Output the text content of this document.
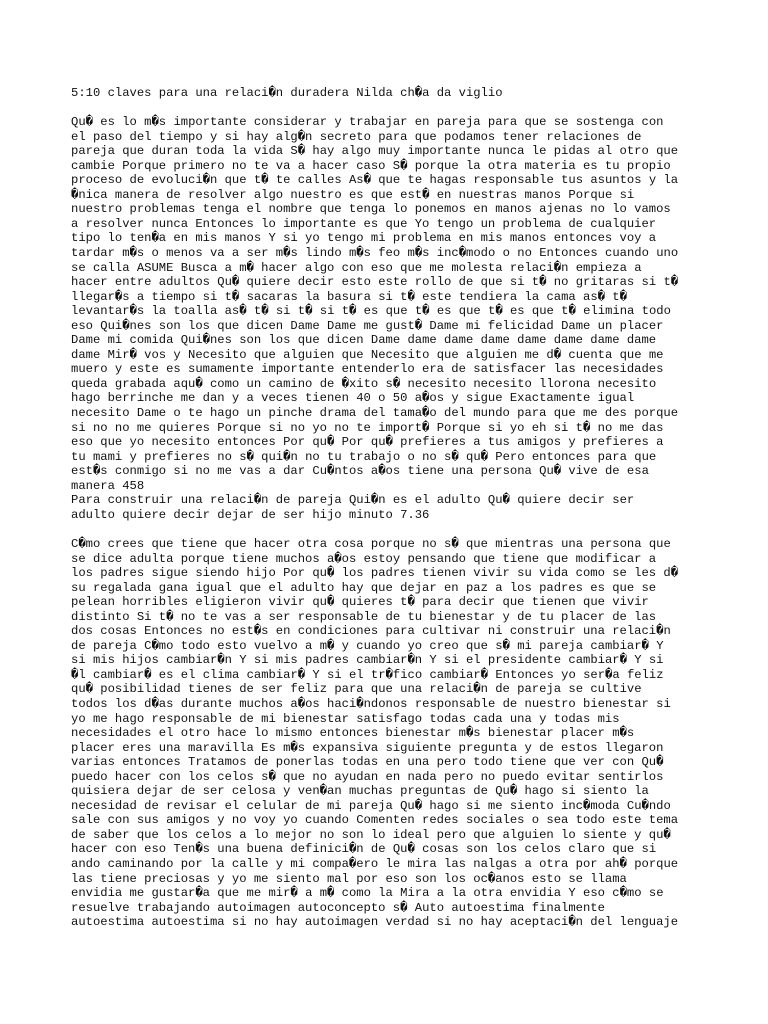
5:10 claves para una relaci�n duradera Nilda ch�a da viglio
Qu� es lo m�s importante considerar y trabajar en pareja para que se sostenga con
el paso del tiempo y si hay alg�n secreto para que podamos tener relaciones de
pareja que duran toda la vida S� hay algo muy importante nunca le pidas al otro que
cambie Porque primero no te va a hacer caso S� porque la otra materia es tu propio
proceso de evoluci�n que t� te calles As� que te hagas responsable tus asuntos y la
�nica manera de resolver algo nuestro es que est� en nuestras manos Porque si
nuestro problemas tenga el nombre que tenga lo ponemos en manos ajenas no lo vamos
a resolver nunca Entonces lo importante es que Yo tengo un problema de cualquier
tipo lo ten�a en mis manos Y si yo tengo mi problema en mis manos entonces voy a
tardar m�s o menos va a ser m�s lindo m�s feo m�s inc�modo o no Entonces cuando uno
se calla ASUME Busca a m� hacer algo con eso que me molesta relaci�n empieza a
hacer entre adultos Qu� quiere decir esto este rollo de que si t� no gritaras si t�
llegar�s a tiempo si t� sacaras la basura si t� este tendiera la cama as� t�
levantar�s la toalla as� t� si t� si t� es que t� es que t� es que t� elimina todo
eso Qui�nes son los que dicen Dame Dame me gust� Dame mi felicidad Dame un placer
Dame mi comida Qui�nes son los que dicen Dame dame dame dame dame dame dame dame
dame Mir� vos y Necesito que alguien que Necesito que alguien me d� cuenta que me
muero y este es sumamente importante entenderlo era de satisfacer las necesidades
queda grabada aqu� como un camino de �xito s� necesito necesito llorona necesito
hago berrinche me dan y a veces tienen 40 o 50 a�os y sigue Exactamente igual
necesito Dame o te hago un pinche drama del tama�o del mundo para que me des porque
si no no me quieres Porque si no yo no te import� Porque si yo eh si t� no me das
eso que yo necesito entonces Por qu� Por qu� prefieres a tus amigos y prefieres a
tu mami y prefieres no s� qui�n no tu trabajo o no s� qu� Pero entonces para que
est�s conmigo si no me vas a dar Cu�ntos a�os tiene una persona Qu� vive de esa
manera 458
Para construir una relaci�n de pareja Qui�n es el adulto Qu� quiere decir ser
adulto quiere decir dejar de ser hijo minuto 7.36
C�mo crees que tiene que hacer otra cosa porque no s� que mientras una persona que
se dice adulta porque tiene muchos a�os estoy pensando que tiene que modificar a
los padres sigue siendo hijo Por qu� los padres tienen vivir su vida como se les d�
su regalada gana igual que el adulto hay que dejar en paz a los padres es que se
pelean horribles eligieron vivir qu� quieres t� para decir que tienen que vivir
distinto Si t� no te vas a ser responsable de tu bienestar y de tu placer de las
dos cosas Entonces no est�s en condiciones para cultivar ni construir una relaci�n
de pareja C�mo todo esto vuelvo a m� y cuando yo creo que s� mi pareja cambiar� Y
si mis hijos cambiar�n Y si mis padres cambiar�n Y si el presidente cambiar� Y si
�l cambiar� es el clima cambiar� Y si el tr�fico cambiar� Entonces yo ser�a feliz
qu� posibilidad tienes de ser feliz para que una relaci�n de pareja se cultive
todos los d�as durante muchos a�os haci�ndonos responsable de nuestro bienestar si
yo me hago responsable de mi bienestar satisfago todas cada una y todas mis
necesidades el otro hace lo mismo entonces bienestar m�s bienestar placer m�s
placer eres una maravilla Es m�s expansiva siguiente pregunta y de estos llegaron
varias entonces Tratamos de ponerlas todas en una pero todo tiene que ver con Qu�
puedo hacer con los celos s� que no ayudan en nada pero no puedo evitar sentirlos
quisiera dejar de ser celosa y ven�an muchas preguntas de Qu� hago si siento la
necesidad de revisar el celular de mi pareja Qu� hago si me siento inc�moda Cu�ndo
sale con sus amigos y no voy yo cuando Comenten redes sociales o sea todo este tema
de saber que los celos a lo mejor no son lo ideal pero que alguien lo siente y qu�
hacer con eso Ten�s una buena definici�n de Qu� cosas son los celos claro que si
ando caminando por la calle y mi compa�ero le mira las nalgas a otra por ah� porque
las tiene preciosas y yo me siento mal por eso son los oc�anos esto se llama
envidia me gustar�a que me mir� a m� como la Mira a la otra envidia Y eso c�mo se
resuelve trabajando autoimagen autoconcepto s� Auto autoestima finalmente
autoestima autoestima si no hay autoimagen verdad si no hay aceptaci�n del lenguaje
